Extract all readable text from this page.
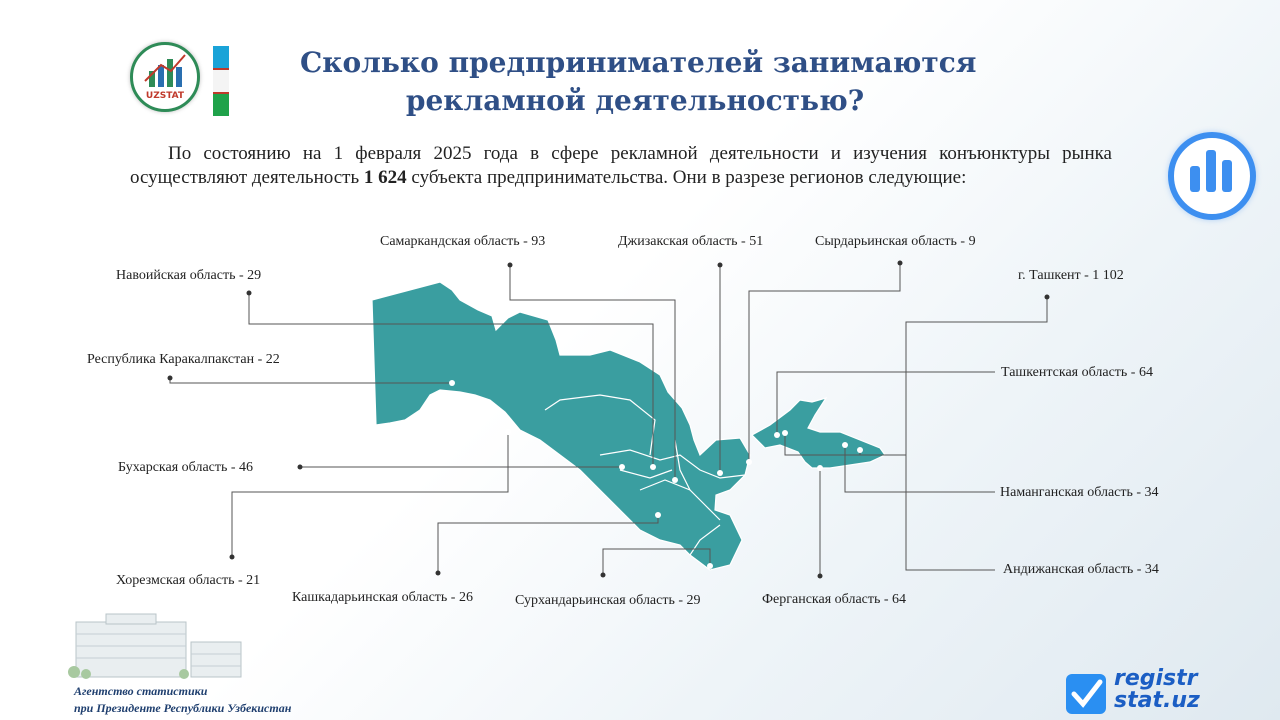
UZSTAT
Сколько предпринимателей занимаются
рекламной деятельностью?
По состоянию на 1 февраля 2025 года в сфере рекламной деятельности и изучения конъюнктуры рынка осуществляют деятельность 1 624 субъекта предпринимательства. Они в разрезе регионов следующие:
Самаркандская область - 93	Джизакская область - 51	Сырдарьинская область - 9
Навоийская область - 29	г. Ташкент - 1 102
Республика Каракалпакстан - 22
Ташкентская область - 64
Бухарская область - 46
Наманганская область - 34
Андижанская область - 34
Хорезмская область - 21
Кашкадарьинская область - 26	Сурхандарьинская область - 29	Ферганская область - 64
Агентство статистики
при Президенте Республики Узбекистан
registr
stat.uz
